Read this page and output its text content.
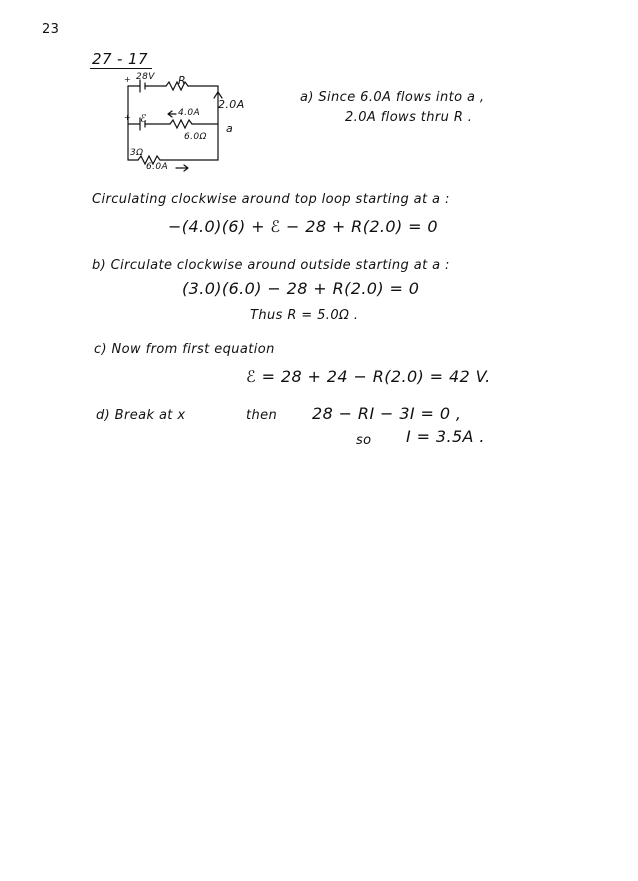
23
27 - 17
+
+
28V R
2.0A
ℰ	4.0A
6.0Ω
a
3Ω
6.0A
a) Since 6.0A flows into a ,
2.0A flows thru R .
Circulating clockwise around top loop starting at a :
−(4.0)(6) + ℰ − 28 + R(2.0) = 0
b) Circulate clockwise around outside starting at a :
(3.0)(6.0) − 28 + R(2.0) = 0
Thus R = 5.0Ω .
c) Now from first equation
ℰ = 28 + 24 − R(2.0) = 42 V.
d) Break at x	then 28 − RI − 3I = 0 ,
so I = 3.5A .
